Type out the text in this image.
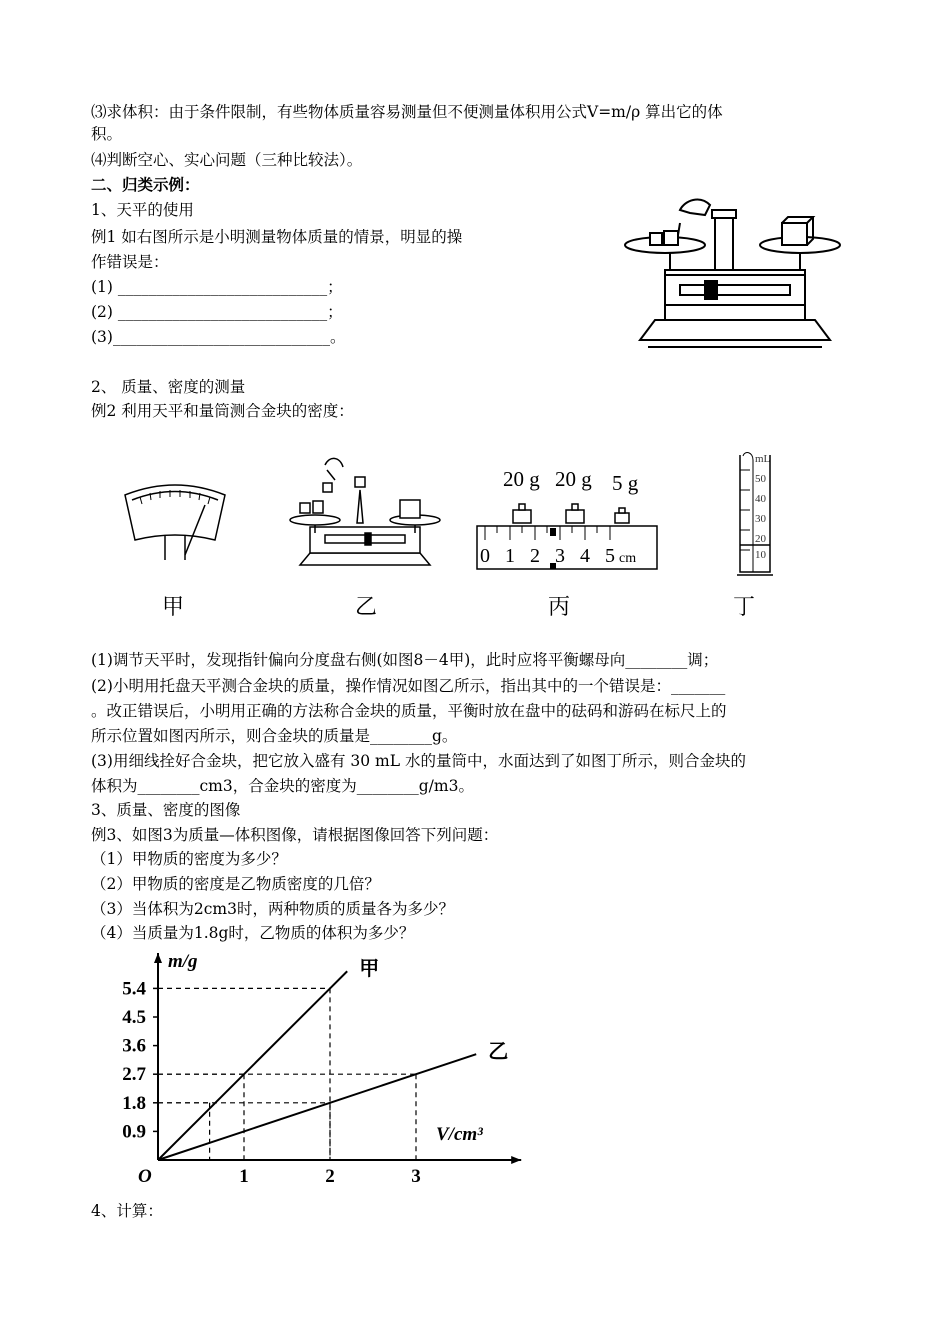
⑶求体积：由于条件限制，有些物体质量容易测量但不便测量体积用公式V=m/ρ 算出它的体
积。
⑷判断空心、实心问题（三种比较法）。
二、归类示例：
1、天平的使用
例1 如右图所示是小明测量物体质量的情景，明显的操
作错误是：
(1) ___________________________；
(2) ___________________________；
(3)____________________________。
2、 质量、密度的测量
例2 利用天平和量筒测合金块的密度：
20 g 20 g 5 g
0 1 2 3 4 5 cm
mL
50
40
30
20
10
甲	乙	丙	丁
(1)调节天平时，发现指针偏向分度盘右侧(如图8－4甲)，此时应将平衡螺母向________调；
(2)小明用托盘天平测合金块的质量，操作情况如图乙所示，指出其中的一个错误是：_______
。改正错误后，小明用正确的方法称合金块的质量，平衡时放在盘中的砝码和游码在标尺上的
所示位置如图丙所示，则合金块的质量是________g。
(3)用细线拴好合金块，把它放入盛有 30 mL 水的量筒中，水面达到了如图丁所示，则合金块的
体积为________cm3，合金块的密度为________g/m3。
3、质量、密度的图像
例3、如图3为质量—体积图像，请根据图像回答下列问题：
（1）甲物质的密度为多少？
（2）甲物质的密度是乙物质密度的几倍？
（3）当体积为2cm3时，两种物质的质量各为多少？
（4）当质量为1.8g时，乙物质的体积为多少？
甲
乙
0.9
1.8
2.7
3.6
4.5
5.4
1	2	3
O
m/g
V/cm³
4、计算：
